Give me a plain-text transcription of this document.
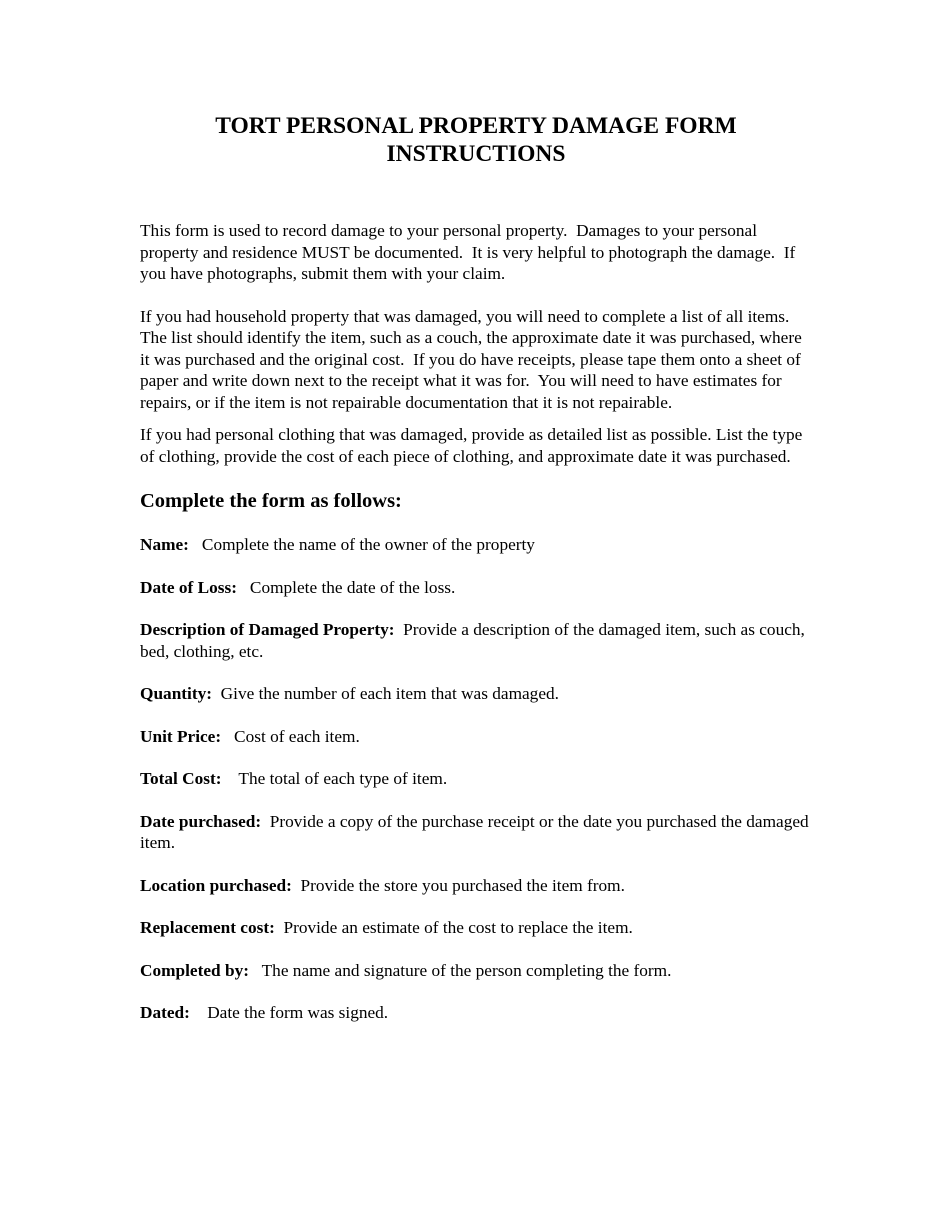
TORT PERSONAL PROPERTY DAMAGE FORM
INSTRUCTIONS

This form is used to record damage to your personal property.  Damages to your personal property and residence MUST be documented.  It is very helpful to photograph the damage.  If you have photographs, submit them with your claim.

If you had household property that was damaged, you will need to complete a list of all items.  The list should identify the item, such as a couch, the approximate date it was purchased, where it was purchased and the original cost.  If you do have receipts, please tape them onto a sheet of paper and write down next to the receipt what it was for.  You will need to have estimates for repairs, or if the item is not repairable documentation that it is not repairable.

If you had personal clothing that was damaged, provide as detailed list as possible. List the type of clothing, provide the cost of each piece of clothing, and approximate date it was purchased.

Complete the form as follows:

Name:   Complete the name of the owner of the property

Date of Loss:   Complete the date of the loss.

Description of Damaged Property:  Provide a description of the damaged item, such as couch, bed, clothing, etc.

Quantity:  Give the number of each item that was damaged.

Unit Price:   Cost of each item.

Total Cost:    The total of each type of item.

Date purchased:  Provide a copy of the purchase receipt or the date you purchased the damaged item.

Location purchased:  Provide the store you purchased the item from.

Replacement cost:  Provide an estimate of the cost to replace the item.

Completed by:   The name and signature of the person completing the form.

Dated:    Date the form was signed.
